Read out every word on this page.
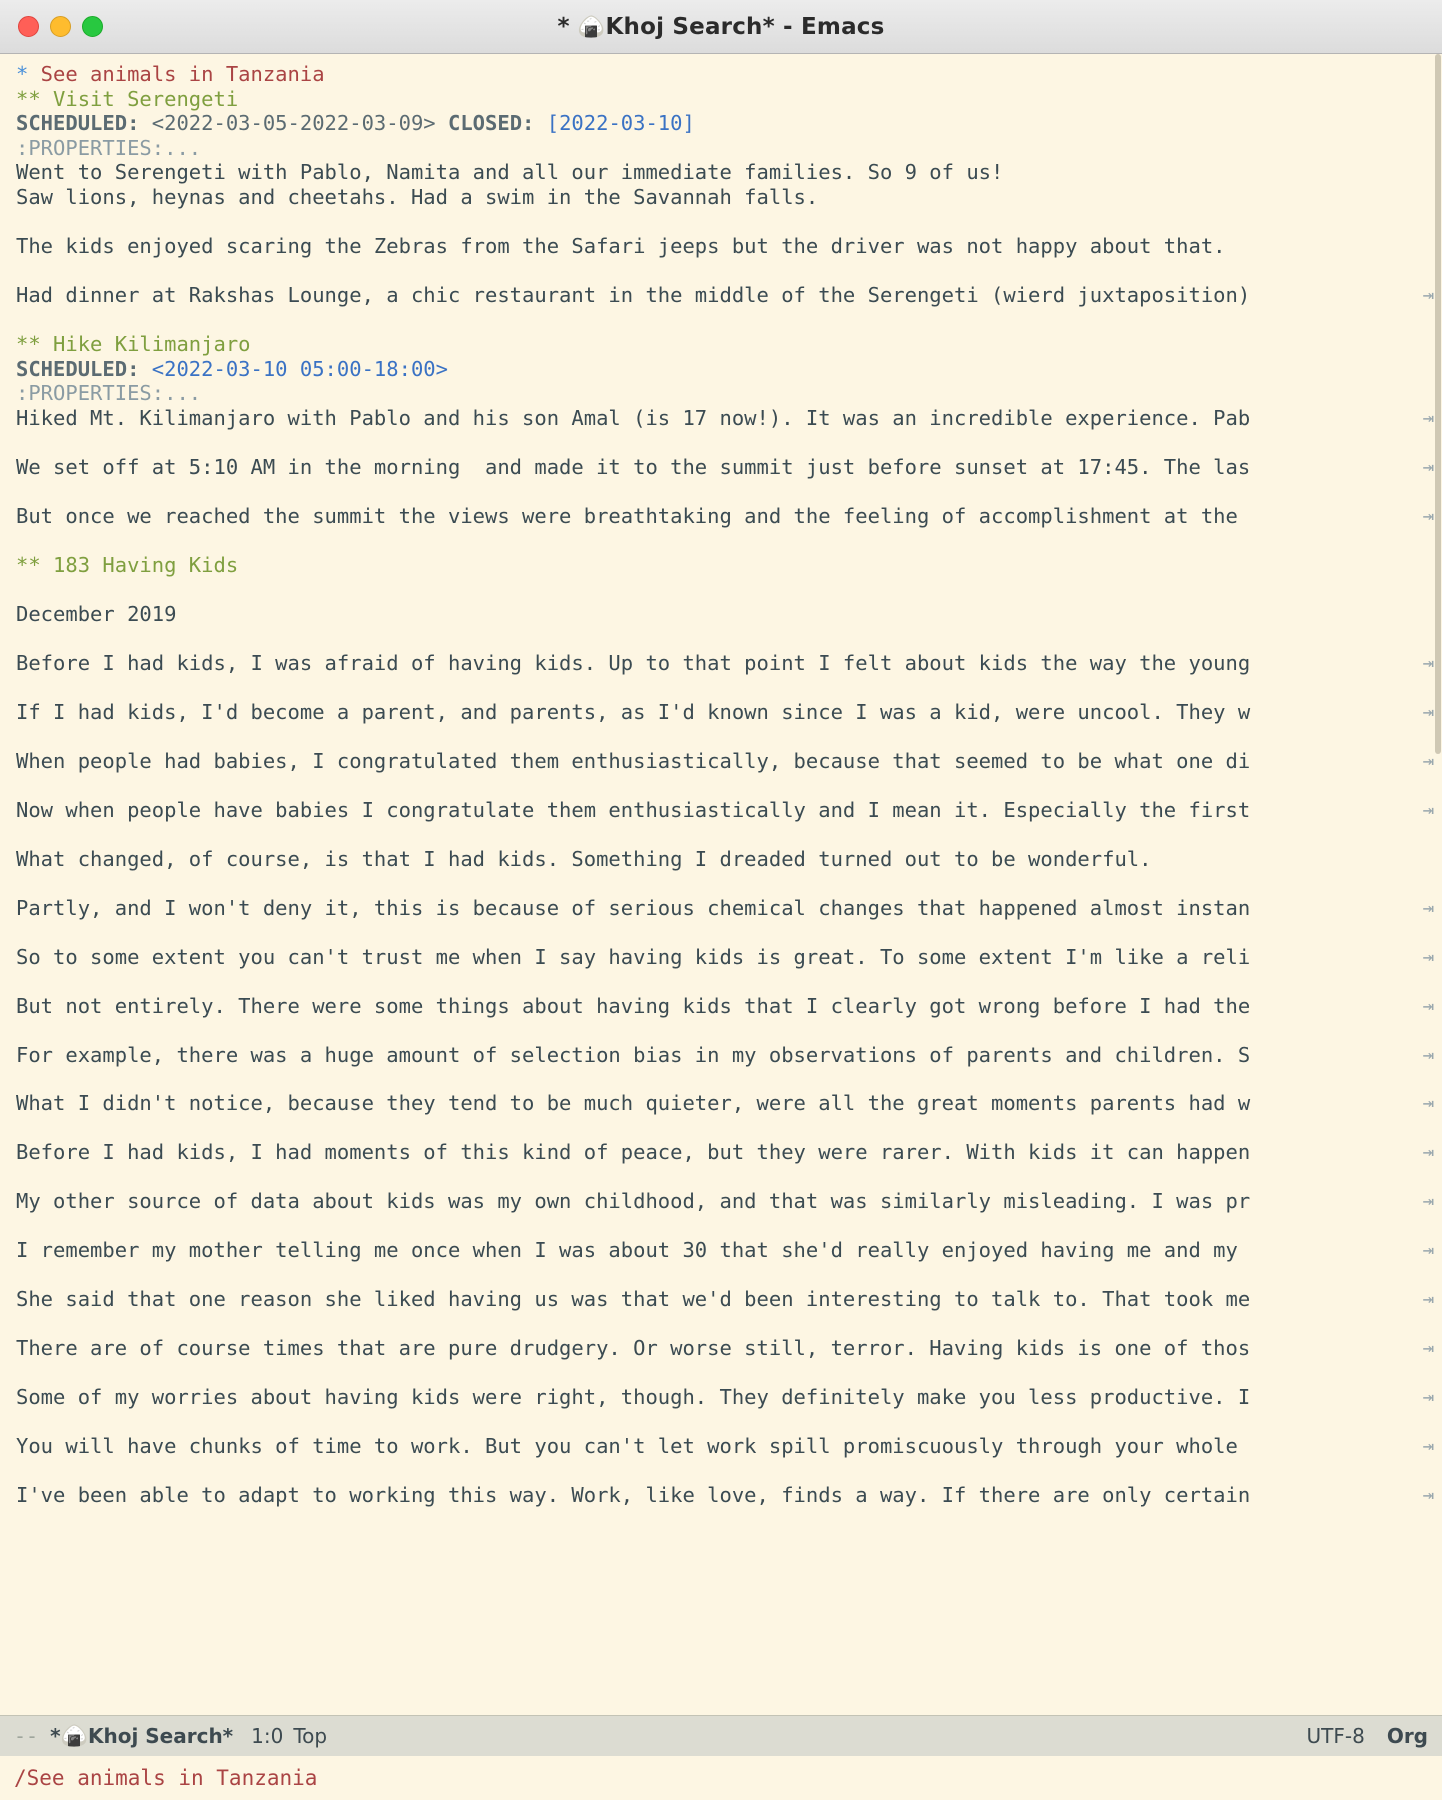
* 🍙Khoj Search* - Emacs
* See animals in Tanzania
** Visit Serengeti
SCHEDULED: <2022-03-05-2022-03-09> CLOSED: [2022-03-10]
:PROPERTIES:...
Went to Serengeti with Pablo, Namita and all our immediate families. So 9 of us!
Saw lions, heynas and cheetahs. Had a swim in the Savannah falls.
The kids enjoyed scaring the Zebras from the Safari jeeps but the driver was not happy about that.
Had dinner at Rakshas Lounge, a chic restaurant in the middle of the Serengeti (wierd juxtaposition)	⇥
** Hike Kilimanjaro
SCHEDULED: <2022-03-10 05:00-18:00>
:PROPERTIES:...
Hiked Mt. Kilimanjaro with Pablo and his son Amal (is 17 now!). It was an incredible experience. Pab	⇥
We set off at 5:10 AM in the morning  and made it to the summit just before sunset at 17:45. The las	⇥
But once we reached the summit the views were breathtaking and the feeling of accomplishment at the	⇥
** 183 Having Kids
December 2019
Before I had kids, I was afraid of having kids. Up to that point I felt about kids the way the young	⇥
If I had kids, I'd become a parent, and parents, as I'd known since I was a kid, were uncool. They w	⇥
When people had babies, I congratulated them enthusiastically, because that seemed to be what one di	⇥
Now when people have babies I congratulate them enthusiastically and I mean it. Especially the first	⇥
What changed, of course, is that I had kids. Something I dreaded turned out to be wonderful.
Partly, and I won't deny it, this is because of serious chemical changes that happened almost instan	⇥
So to some extent you can't trust me when I say having kids is great. To some extent I'm like a reli	⇥
But not entirely. There were some things about having kids that I clearly got wrong before I had the	⇥
For example, there was a huge amount of selection bias in my observations of parents and children. S	⇥
What I didn't notice, because they tend to be much quieter, were all the great moments parents had w	⇥
Before I had kids, I had moments of this kind of peace, but they were rarer. With kids it can happen	⇥
My other source of data about kids was my own childhood, and that was similarly misleading. I was pr	⇥
I remember my mother telling me once when I was about 30 that she'd really enjoyed having me and my	⇥
She said that one reason she liked having us was that we'd been interesting to talk to. That took me	⇥
There are of course times that are pure drudgery. Or worse still, terror. Having kids is one of thos	⇥
Some of my worries about having kids were right, though. They definitely make you less productive. I	⇥
You will have chunks of time to work. But you can't let work spill promiscuously through your whole	⇥
I've been able to adapt to working this way. Work, like love, finds a way. If there are only certain	⇥
-- *🍙Khoj Search* 1:0 Top	UTF-8 Org
/See animals in Tanzania
